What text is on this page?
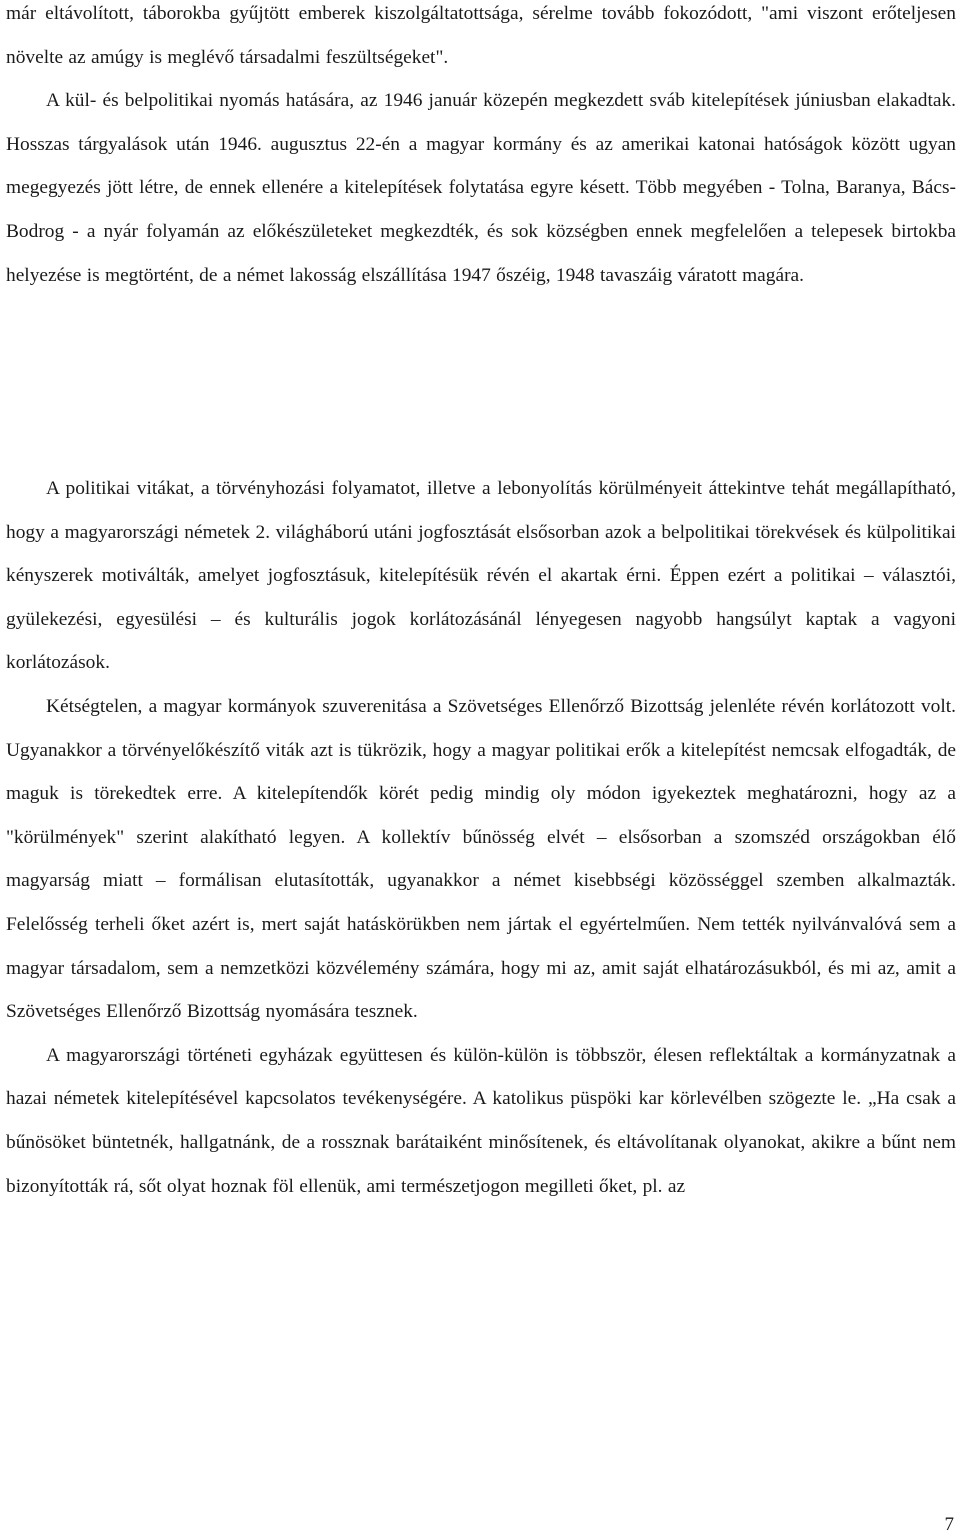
már eltávolított, táborokba gyűjtött emberek kiszolgáltatottsága, sérelme tovább fokozódott, "ami viszont erőteljesen növelte az amúgy is meglévő társadalmi feszültségeket".

A kül- és belpolitikai nyomás hatására, az 1946 január közepén megkezdett sváb kitelepítések júniusban elakadtak. Hosszas tárgyalások után 1946. augusztus 22-én a magyar kormány és az amerikai katonai hatóságok között ugyan megegyezés jött létre, de ennek ellenére a kitelepítések folytatása egyre késett. Több megyében - Tolna, Baranya, Bács-Bodrog - a nyár folyamán az előkészületeket megkezdték, és sok községben ennek megfelelően a telepesek birtokba helyezése is megtörtént, de a német lakosság elszállítása 1947 őszéig, 1948 tavaszáig váratott magára.

A politikai vitákat, a törvényhozási folyamatot, illetve a lebonyolítás körülményeit áttekintve tehát megállapítható, hogy a magyarországi németek 2. világháború utáni jogfosztását elsősorban azok a belpolitikai törekvések és külpolitikai kényszerek motiválták, amelyet jogfosztásuk, kitelepítésük révén el akartak érni. Éppen ezért a politikai – választói, gyülekezési, egyesülési – és kulturális jogok korlátozásánál lényegesen nagyobb hangsúlyt kaptak a vagyoni korlátozások.

Kétségtelen, a magyar kormányok szuverenitása a Szövetséges Ellenőrző Bizottság jelenléte révén korlátozott volt. Ugyanakkor a törvényelőkészítő viták azt is tükrözik, hogy a magyar politikai erők a kitelepítést nemcsak elfogadták, de maguk is törekedtek erre. A kitelepítendők körét pedig mindig oly módon igyekeztek meghatározni, hogy az a "körülmények" szerint alakítható legyen. A kollektív bűnösség elvét – elsősorban a szomszéd országokban élő magyarság miatt – formálisan elutasították, ugyanakkor a német kisebbségi közösséggel szemben alkalmazták. Felelősség terheli őket azért is, mert saját hatáskörükben nem jártak el egyértelműen. Nem tették nyilvánvalóvá sem a magyar társadalom, sem a nemzetközi közvélemény számára, hogy mi az, amit saját elhatározásukból, és mi az, amit a Szövetséges Ellenőrző Bizottság nyomására tesznek.

A magyarországi történeti egyházak együttesen és külön-külön is többször, élesen reflektáltak a kormányzatnak a hazai németek kitelepítésével kapcsolatos tevékenységére. A katolikus püspöki kar körlevélben szögezte le. „Ha csak a bűnösöket büntetnék, hallgatnánk, de a rossznak barátaiként minősítenek, és eltávolítanak olyanokat, akikre a bűnt nem bizonyították rá, sőt olyat hoznak föl ellenük, ami természetjogon megilleti őket, pl. az

7
